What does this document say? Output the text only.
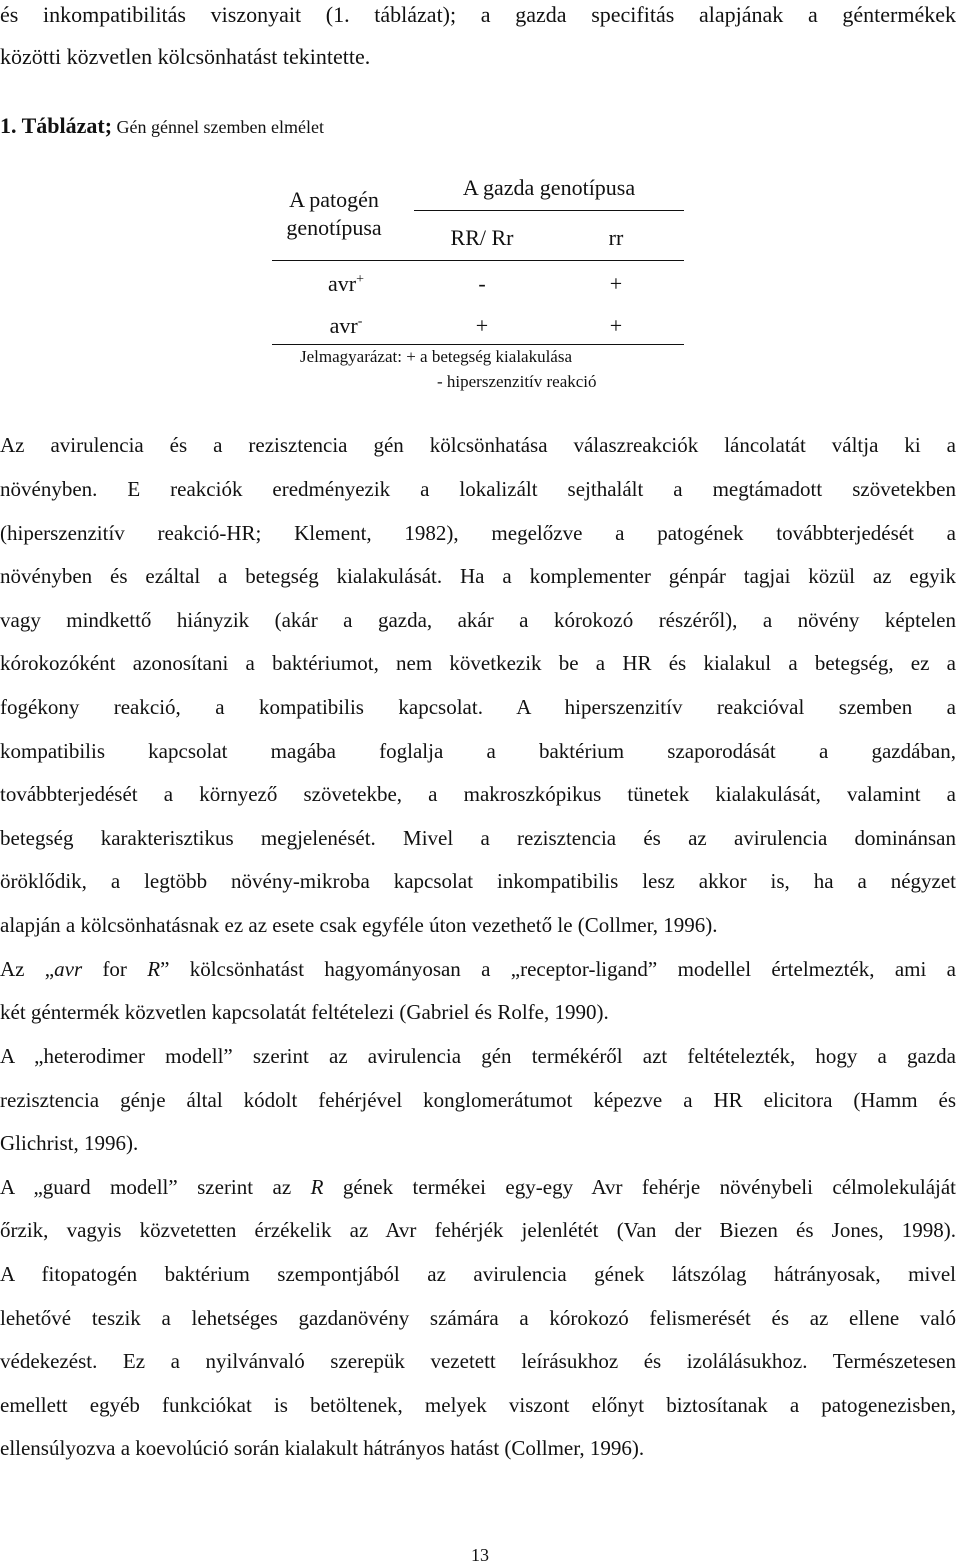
és inkompatibilitás viszonyait (1. táblázat); a gazda specifitás alapjának a géntermékek
közötti közvetlen kölcsönhatást tekintette.
1. Táblázat; Gén génnel szemben elmélet
A patogén
genotípusa
A gazda genotípusa
RR/ Rr	rr
avr+	-	+
avr-	+	+
Jelmagyarázat: + a betegség kialakulása
- hiperszenzitív reakció
Az avirulencia és a rezisztencia gén kölcsönhatása válaszreakciók láncolatát váltja ki a
növényben. E reakciók eredményezik a lokalizált sejthalált a megtámadott szövetekben
(hiperszenzitív reakció-HR; Klement, 1982), megelőzve a patogének továbbterjedését a
növényben és ezáltal a betegség kialakulását. Ha a komplementer génpár tagjai közül az egyik
vagy mindkettő hiányzik (akár a gazda, akár a kórokozó részéről), a növény képtelen
kórokozóként azonosítani a baktériumot, nem következik be a HR és kialakul a betegség, ez a
fogékony reakció, a kompatibilis kapcsolat. A hiperszenzitív reakcióval szemben a
kompatibilis kapcsolat magába foglalja a baktérium szaporodását a gazdában,
továbbterjedését a környező szövetekbe, a makroszkópikus tünetek kialakulását, valamint a
betegség karakterisztikus megjelenését. Mivel a rezisztencia és az avirulencia dominánsan
öröklődik, a legtöbb növény-mikroba kapcsolat inkompatibilis lesz akkor is, ha a négyzet
alapján a kölcsönhatásnak ez az esete csak egyféle úton vezethető le (Collmer, 1996).
Az „avr for R” kölcsönhatást hagyományosan a „receptor-ligand” modellel értelmezték, ami a
két géntermék közvetlen kapcsolatát feltételezi (Gabriel és Rolfe, 1990).
A „heterodimer modell” szerint az avirulencia gén termékéről azt feltételezték, hogy a gazda
rezisztencia génje által kódolt fehérjével konglomerátumot képezve a HR elicitora (Hamm és
Glichrist, 1996).
A „guard modell” szerint az R gének termékei egy-egy Avr fehérje növénybeli célmolekuláját
őrzik, vagyis közvetetten érzékelik az Avr fehérjék jelenlétét (Van der Biezen és Jones, 1998).
A fitopatogén baktérium szempontjából az avirulencia gének látszólag hátrányosak, mivel
lehetővé teszik a lehetséges gazdanövény számára a kórokozó felismerését és az ellene való
védekezést. Ez a nyilvánvaló szerepük vezetett leírásukhoz és izolálásukhoz. Természetesen
emellett egyéb funkciókat is betöltenek, melyek viszont előnyt biztosítanak a patogenezisben,
ellensúlyozva a koevolúció során kialakult hátrányos hatást (Collmer, 1996).
13
